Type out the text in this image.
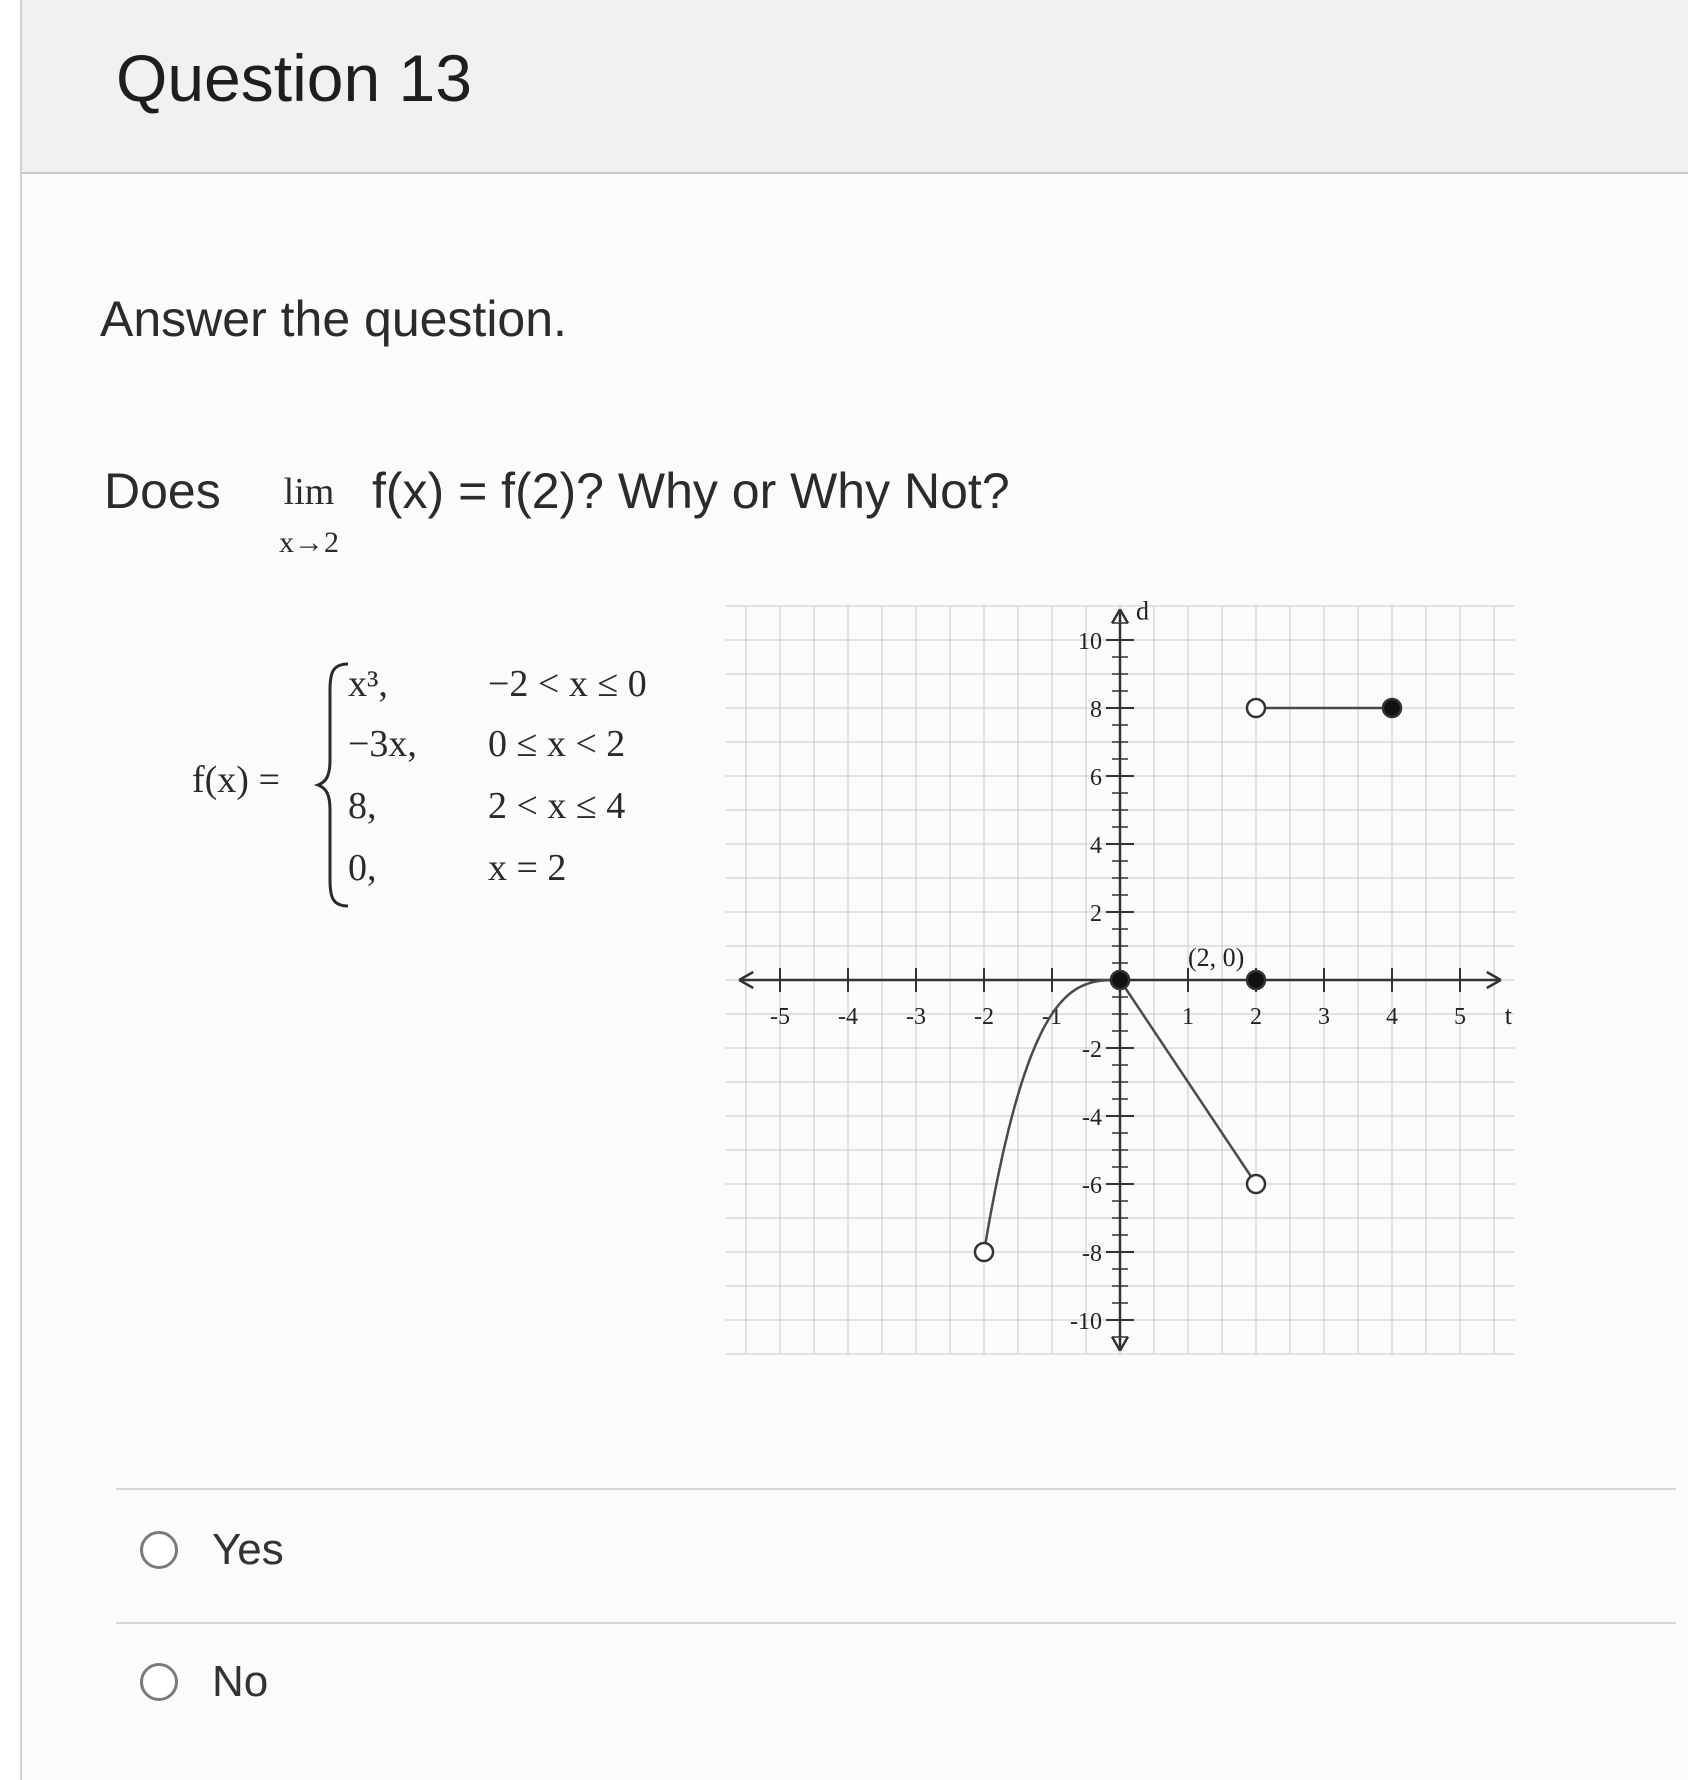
Question 13
Answer the question.
Does	lim
x→2
f(x) = f(2)? Why or Why Not?
f(x) =
x³,	−2 < x ≤ 0
−3x, 0 ≤ x < 2
8,	2 < x ≤ 4
0,	x = 2
-5 -4 -3 -2 -1	1 2 3 4 5
10
8
6
4
2
-2
-4
-6
-8
-10
t
d
(2, 0)
Yes
No
